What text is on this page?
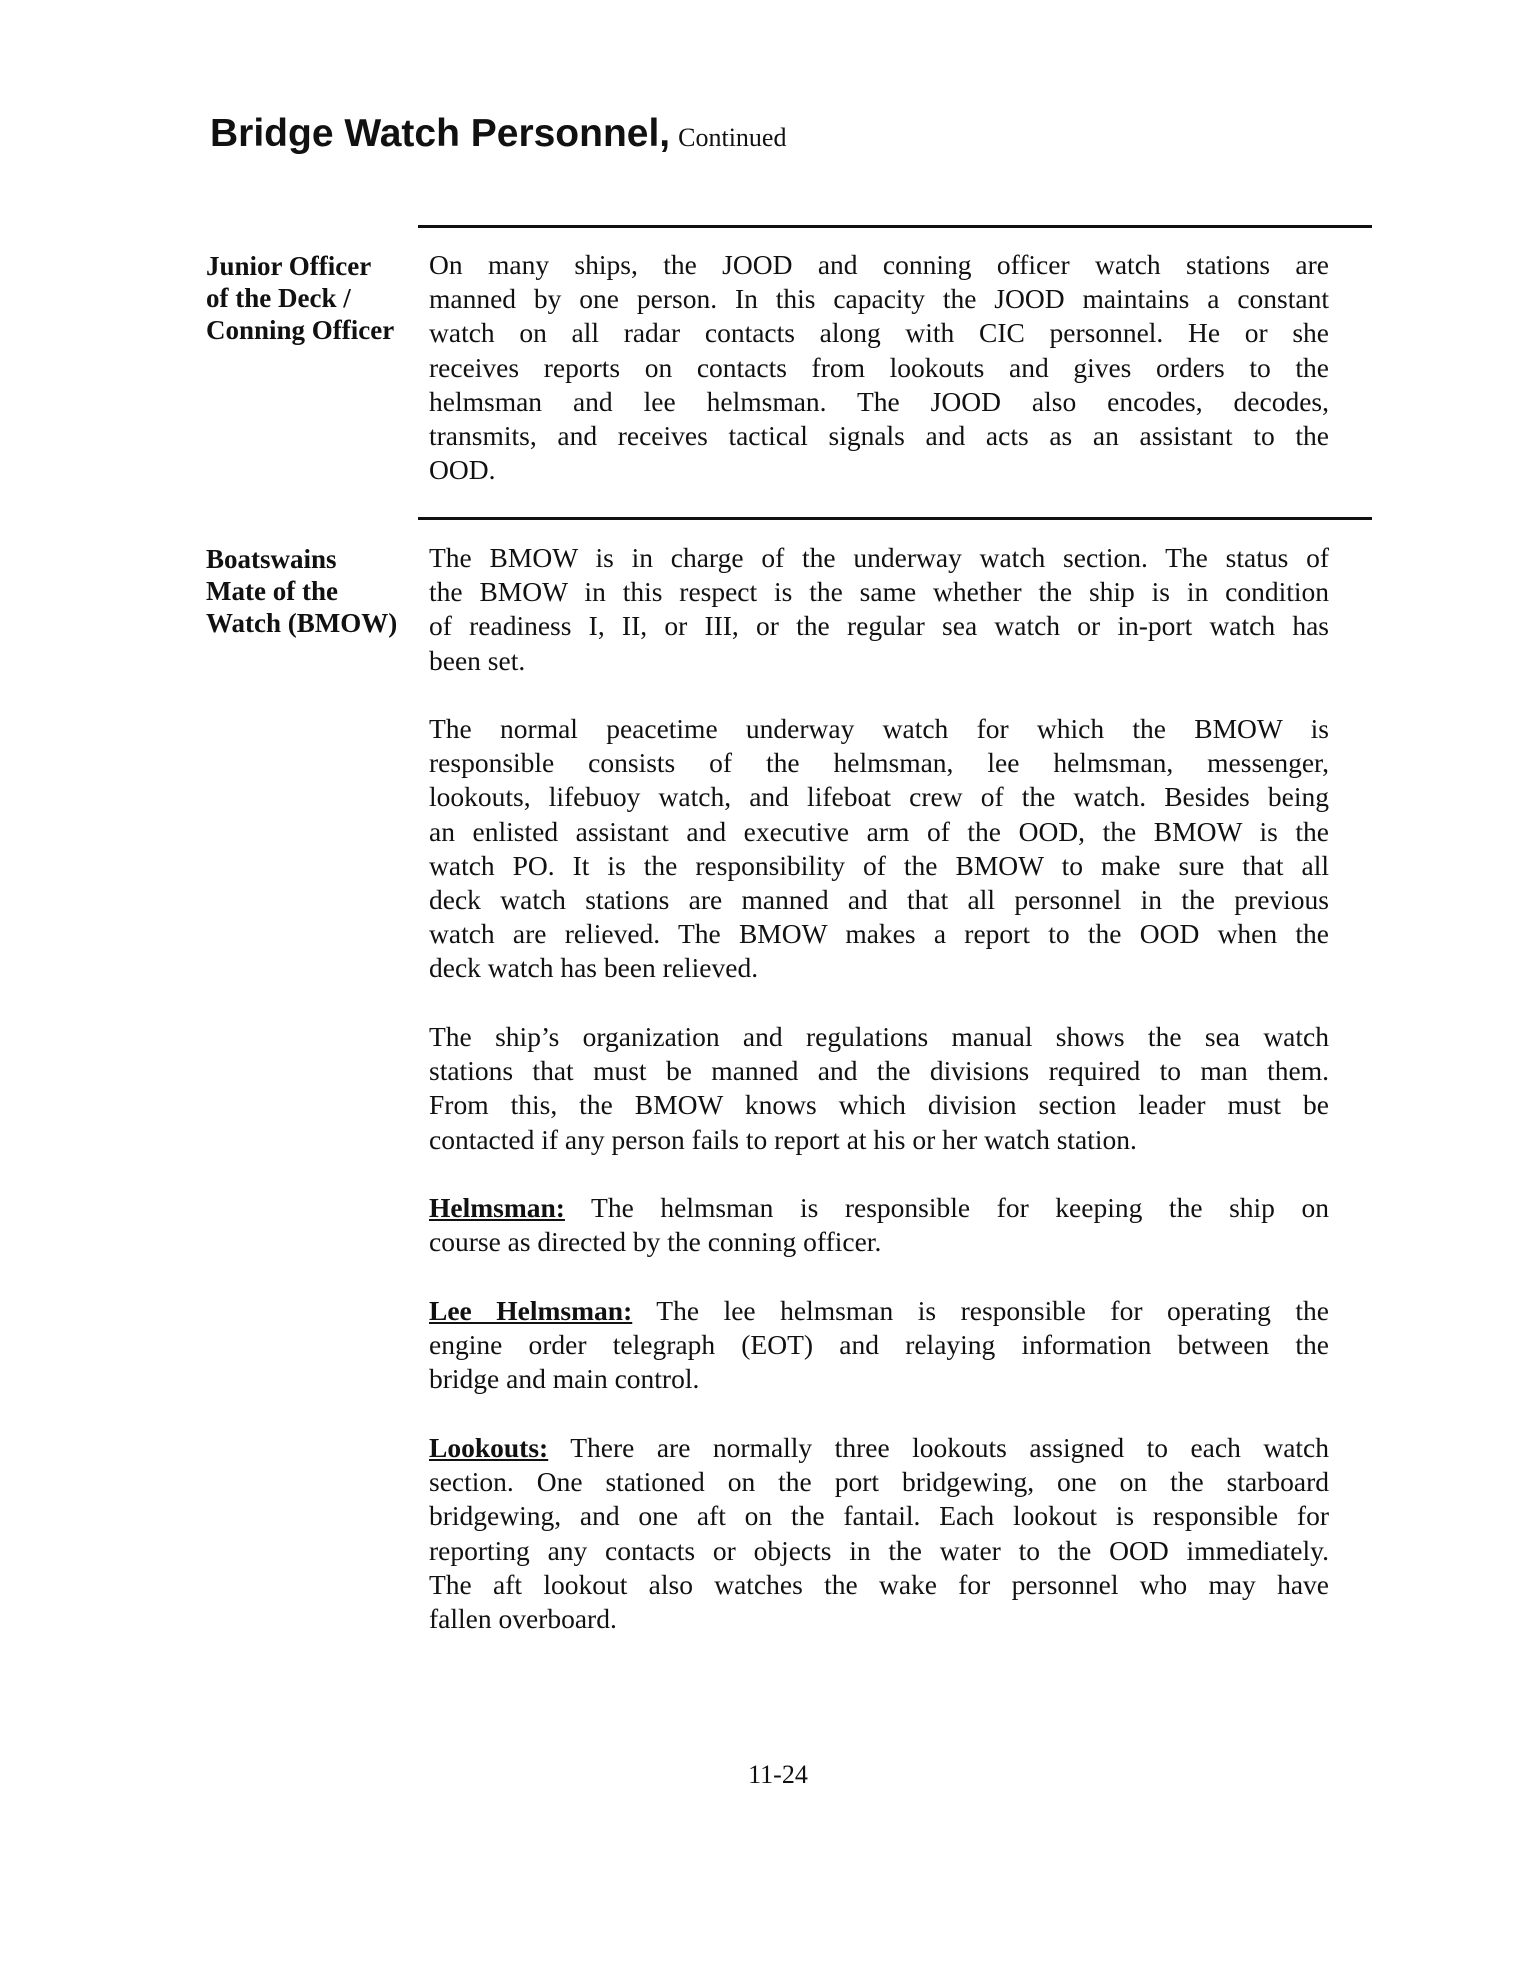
Bridge Watch Personnel, Continued
Junior Officer
of the Deck /
Conning Officer
On many ships, the JOOD and conning officer watch stations are
manned by one person. In this capacity the JOOD maintains a constant
watch on all radar contacts along with CIC personnel. He or she
receives reports on contacts from lookouts and gives orders to the
helmsman and lee helmsman. The JOOD also encodes, decodes,
transmits, and receives tactical signals and acts as an assistant to the
OOD.
Boatswains
Mate of the
Watch (BMOW)
The BMOW is in charge of the underway watch section. The status of
the BMOW in this respect is the same whether the ship is in condition
of readiness I, II, or III, or the regular sea watch or in-port watch has
been set.
The normal peacetime underway watch for which the BMOW is
responsible consists of the helmsman, lee helmsman, messenger,
lookouts, lifebuoy watch, and lifeboat crew of the watch. Besides being
an enlisted assistant and executive arm of the OOD, the BMOW is the
watch PO. It is the responsibility of the BMOW to make sure that all
deck watch stations are manned and that all personnel in the previous
watch are relieved. The BMOW makes a report to the OOD when the
deck watch has been relieved.
The ship’s organization and regulations manual shows the sea watch
stations that must be manned and the divisions required to man them.
From this, the BMOW knows which division section leader must be
contacted if any person fails to report at his or her watch station.
Helmsman: The helmsman is responsible for keeping the ship on
course as directed by the conning officer.
Lee Helmsman: The lee helmsman is responsible for operating the
engine order telegraph (EOT) and relaying information between the
bridge and main control.
Lookouts: There are normally three lookouts assigned to each watch
section. One stationed on the port bridgewing, one on the starboard
bridgewing, and one aft on the fantail. Each lookout is responsible for
reporting any contacts or objects in the water to the OOD immediately.
The aft lookout also watches the wake for personnel who may have
fallen overboard.
11-24
